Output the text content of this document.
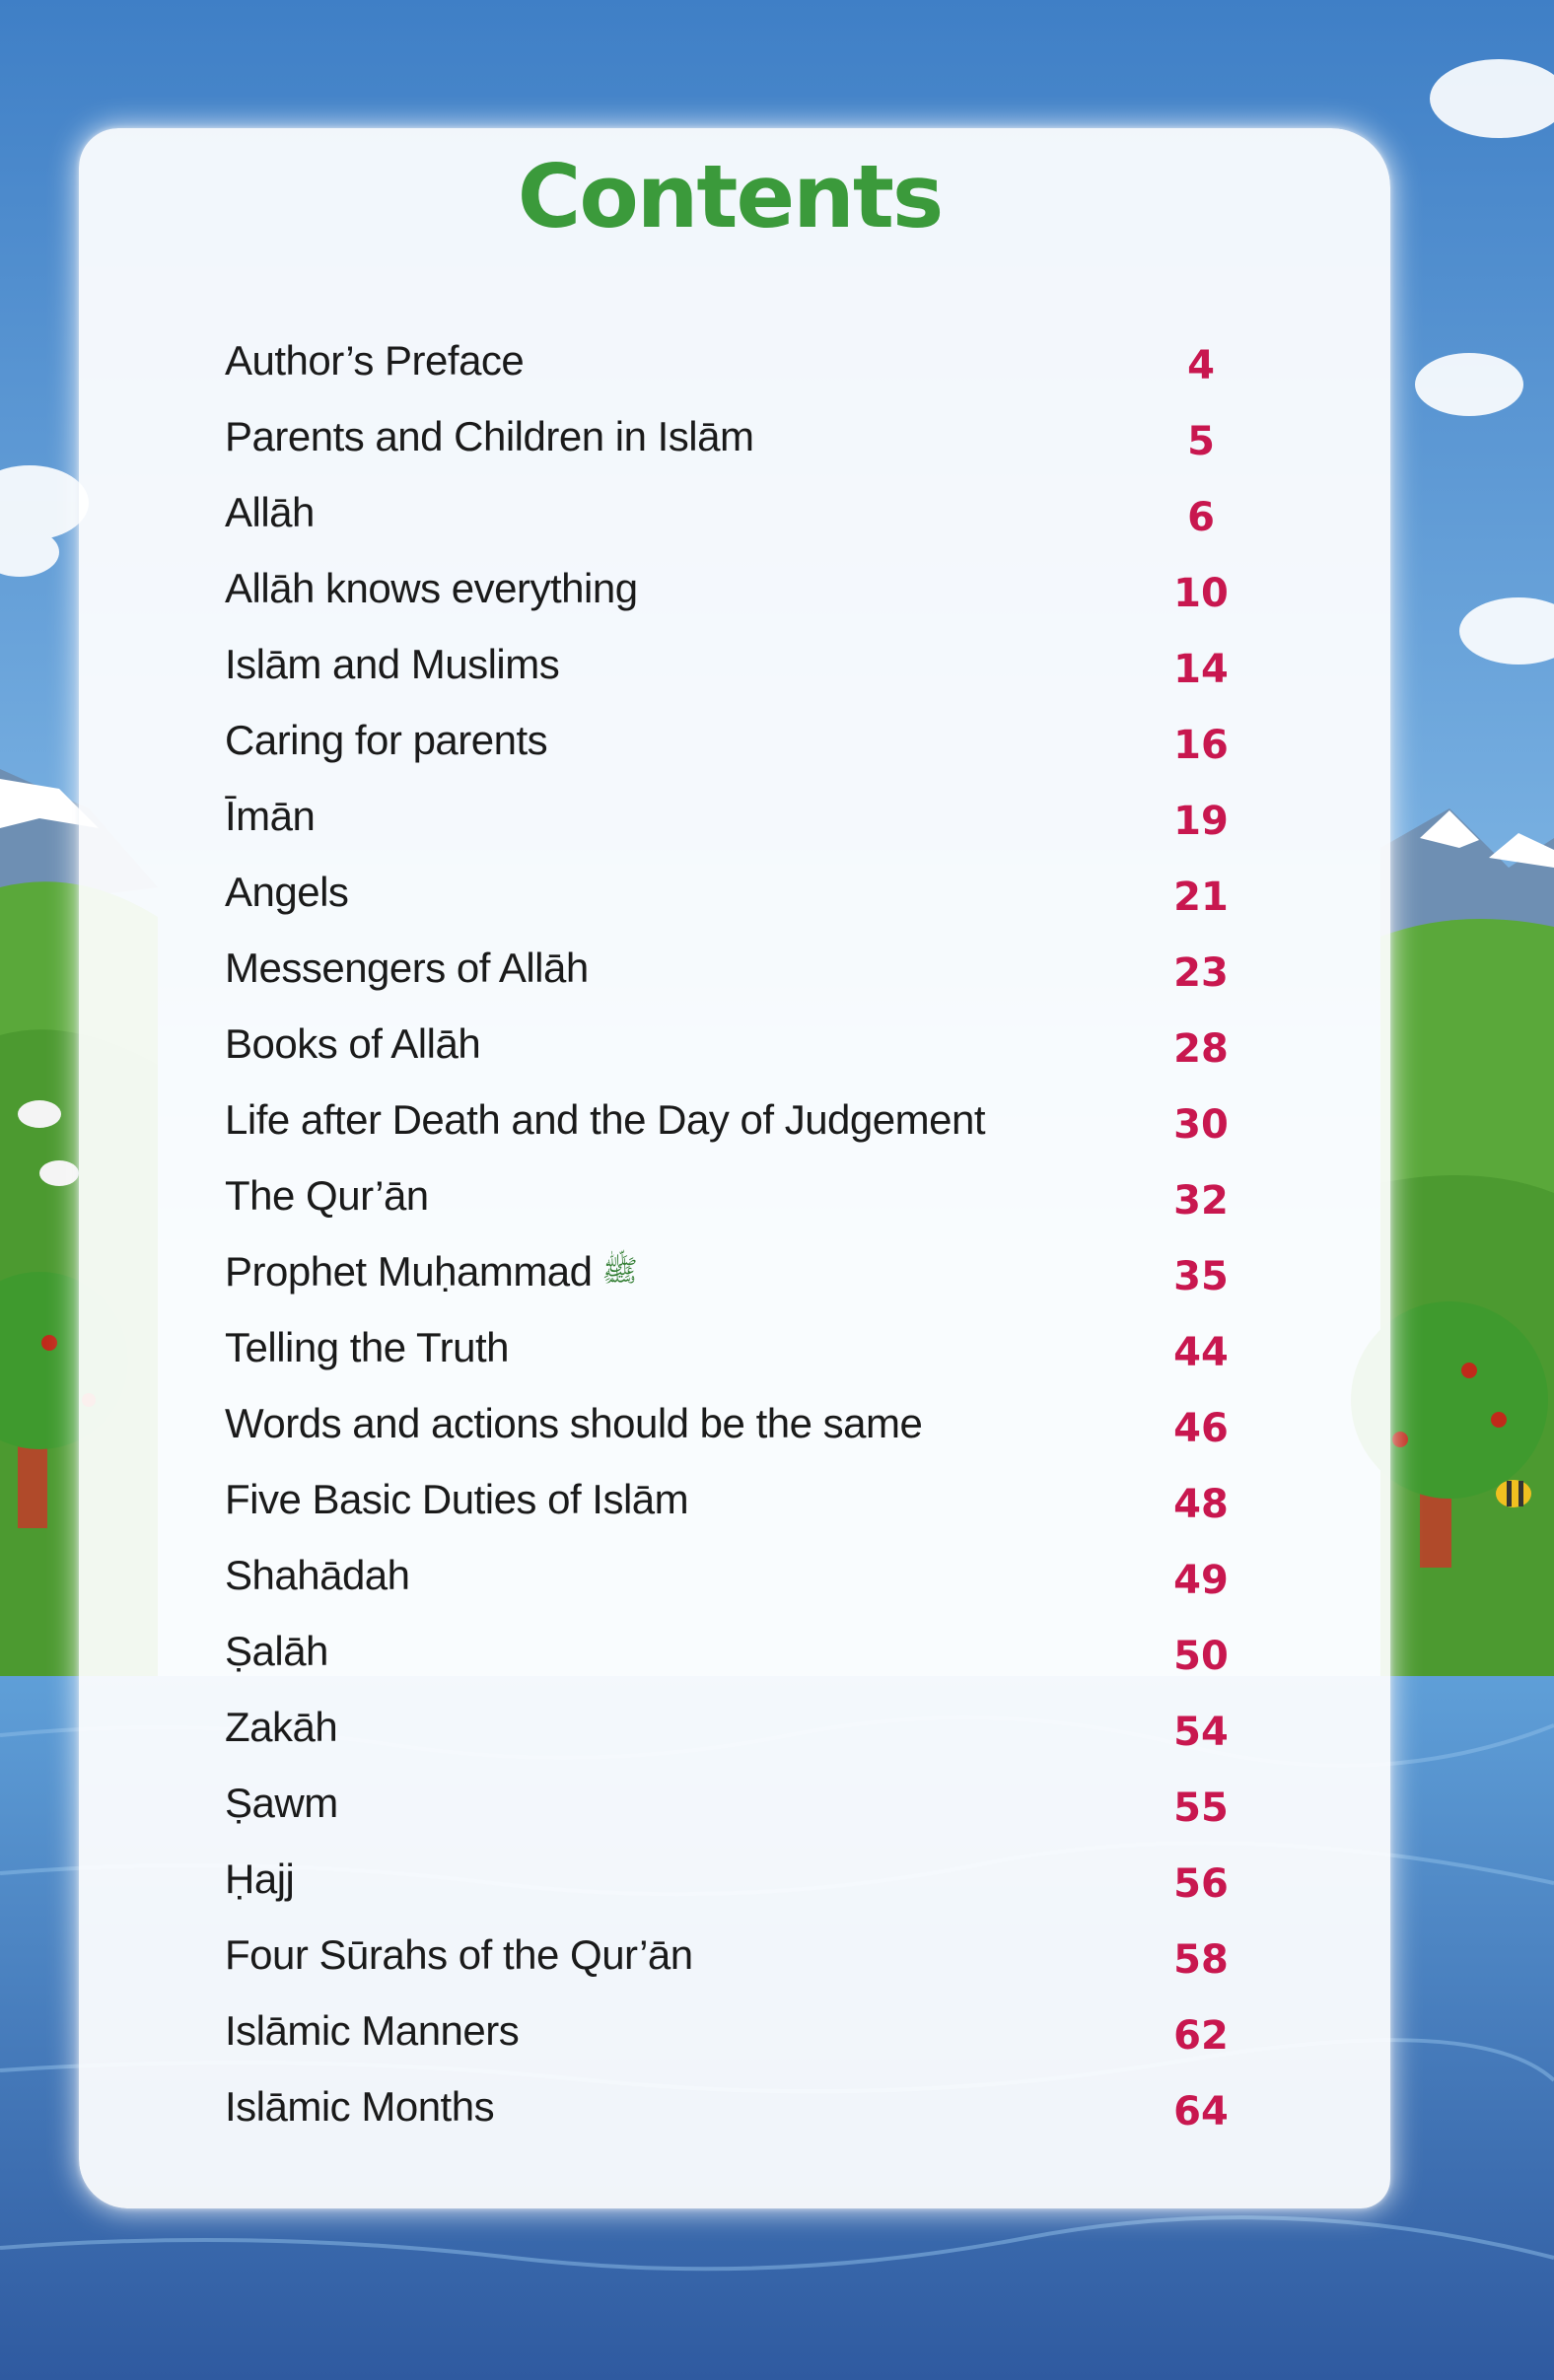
Contents
Author’s Preface	4
Parents and Children in Islām	5
Allāh	6
Allāh knows everything	10
Islām and Muslims	14
Caring for parents	16
Īmān	19
Angels	21
Messengers of Allāh	23
Books of Allāh	28
Life after Death and the Day of Judgement	30
The Qur’ān	32
Prophet Muḥammad ﷺ	35
Telling the Truth	44
Words and actions should be the same	46
Five Basic Duties of Islām	48
Shahādah	49
Ṣalāh	50
Zakāh	54
Ṣawm	55
Ḥajj	56
Four Sūrahs of the Qur’ān	58
Islāmic Manners	62
Islāmic Months	64
